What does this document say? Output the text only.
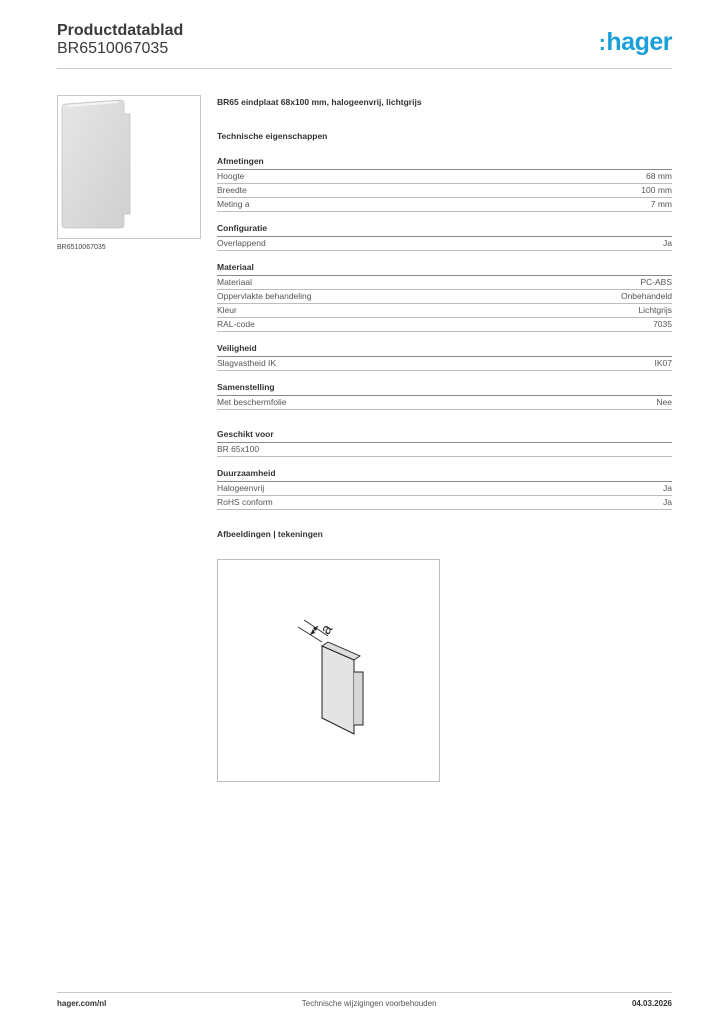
Productdatablad
BR6510067035	: hager
BR6510067035
BR65 eindplaat 68x100 mm, halogeenvrij, lichtgrijs
Technische eigenschappen
Afmetingen
Hoogte	68 mm
Breedte	100 mm
Meting a	7 mm
Configuratie
Overlappend	Ja
Materiaal
Materiaal	PC-ABS
Oppervlakte behandeling	Onbehandeld
Kleur	Lichtgrijs
RAL-code	7035
Veiligheid
Slagvastheid IK	IK07
Samenstelling
Met beschermfolie	Nee
Geschikt voor
BR 65x100
Duurzaamheid
Halogeenvrij	Ja
RoHS conform	Ja
Afbeeldingen | tekeningen
a
hager.com/nl	Technische wijzigingen voorbehouden	04.03.2026
